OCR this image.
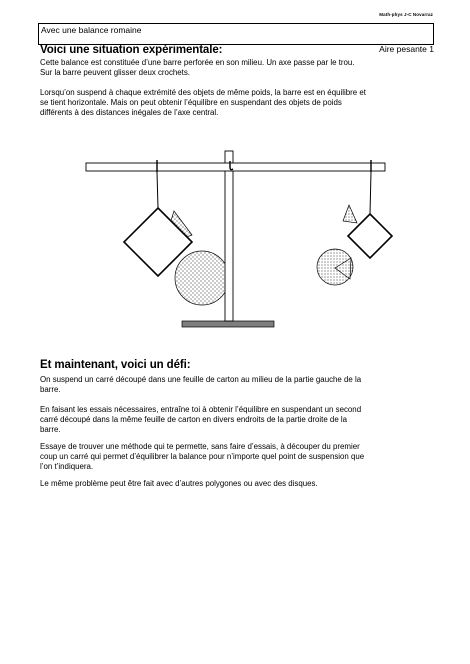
Math-phys J-C Novarraz
Avec une balance romaine
Voici une situation expérimentale:	Aire pesante 1

Cette balance est constituée d’une barre perforée en son milieu. Un axe passe par le trou.
Sur la barre peuvent glisser deux crochets.

Lorsqu’on suspend à chaque extrémité des objets de même poids, la barre est en équilibre et
se tient horizontale. Mais on peut obtenir l’équilibre en suspendant des objets de poids
différents à des distances inégales de l’axe central.

Et maintenant, voici un défi:

On suspend un carré découpé dans une feuille de carton au milieu de la partie gauche de la
barre.

En faisant les essais nécessaires, entraîne toi à obtenir l’équilibre en suspendant un second
carré découpé dans la même feuille de carton en divers endroits de la partie droite de la
barre.

Essaye de trouver une méthode qui te permette, sans faire d’essais, à découper du premier
coup un carré qui permet d’équilibrer la balance pour n’importe quel point de suspension que
l’on t’indiquera.

Le même problème peut être fait avec d’autres polygones ou avec des disques.
